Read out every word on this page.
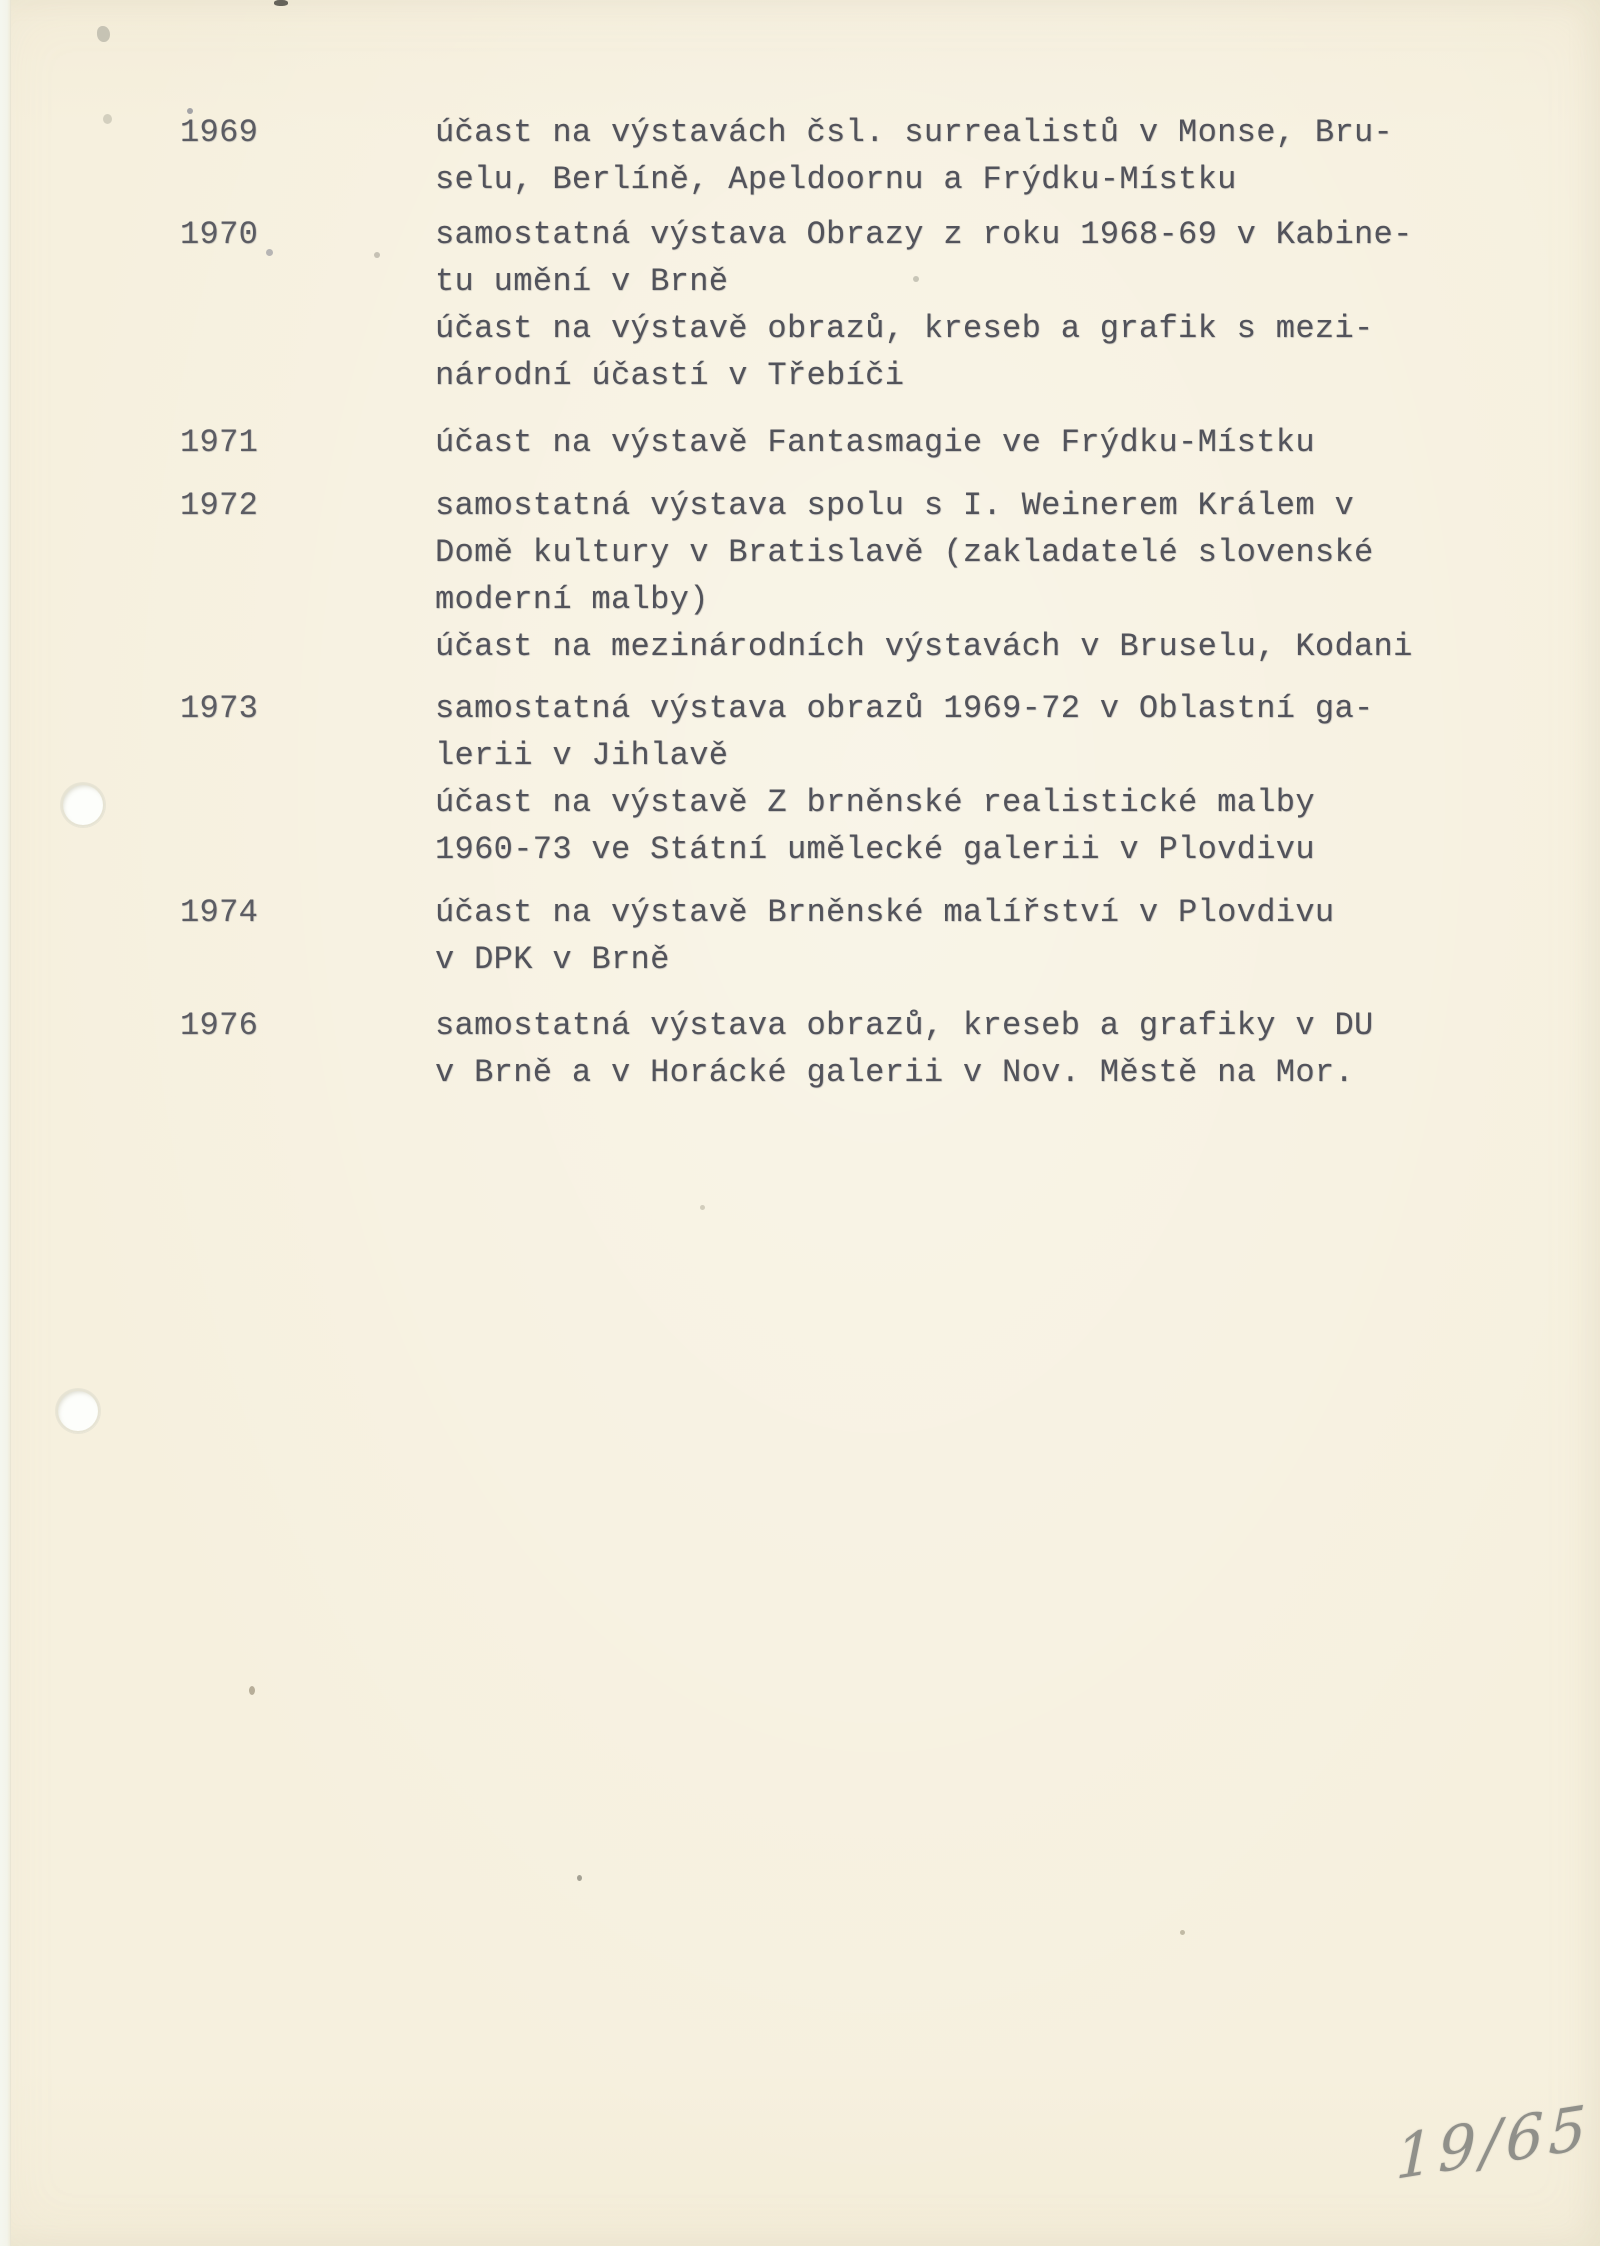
1969	účast na výstavách čsl. surrealistů v Monse, Bru-
selu, Berlíně, Apeldoornu a Frýdku-Místku
1970	samostatná výstava Obrazy z roku 1968-69 v Kabine-
tu umění v Brně
účast na výstavě obrazů, kreseb a grafik s mezi-
národní účastí v Třebíči
1971	účast na výstavě Fantasmagie ve Frýdku-Místku
1972	samostatná výstava spolu s I. Weinerem Králem v
Domě kultury v Bratislavě (zakladatelé slovenské
moderní malby)
účast na mezinárodních výstavách v Bruselu, Kodani
1973	samostatná výstava obrazů 1969-72 v Oblastní ga-
lerii v Jihlavě
účast na výstavě Z brněnské realistické malby
1960-73 ve Státní umělecké galerii v Plovdivu
1974	účast na výstavě Brněnské malířství v Plovdivu
v DPK v Brně
1976	samostatná výstava obrazů, kreseb a grafiky v DU
v Brně a v Horácké galerii v Nov. Městě na Mor.
19/65
